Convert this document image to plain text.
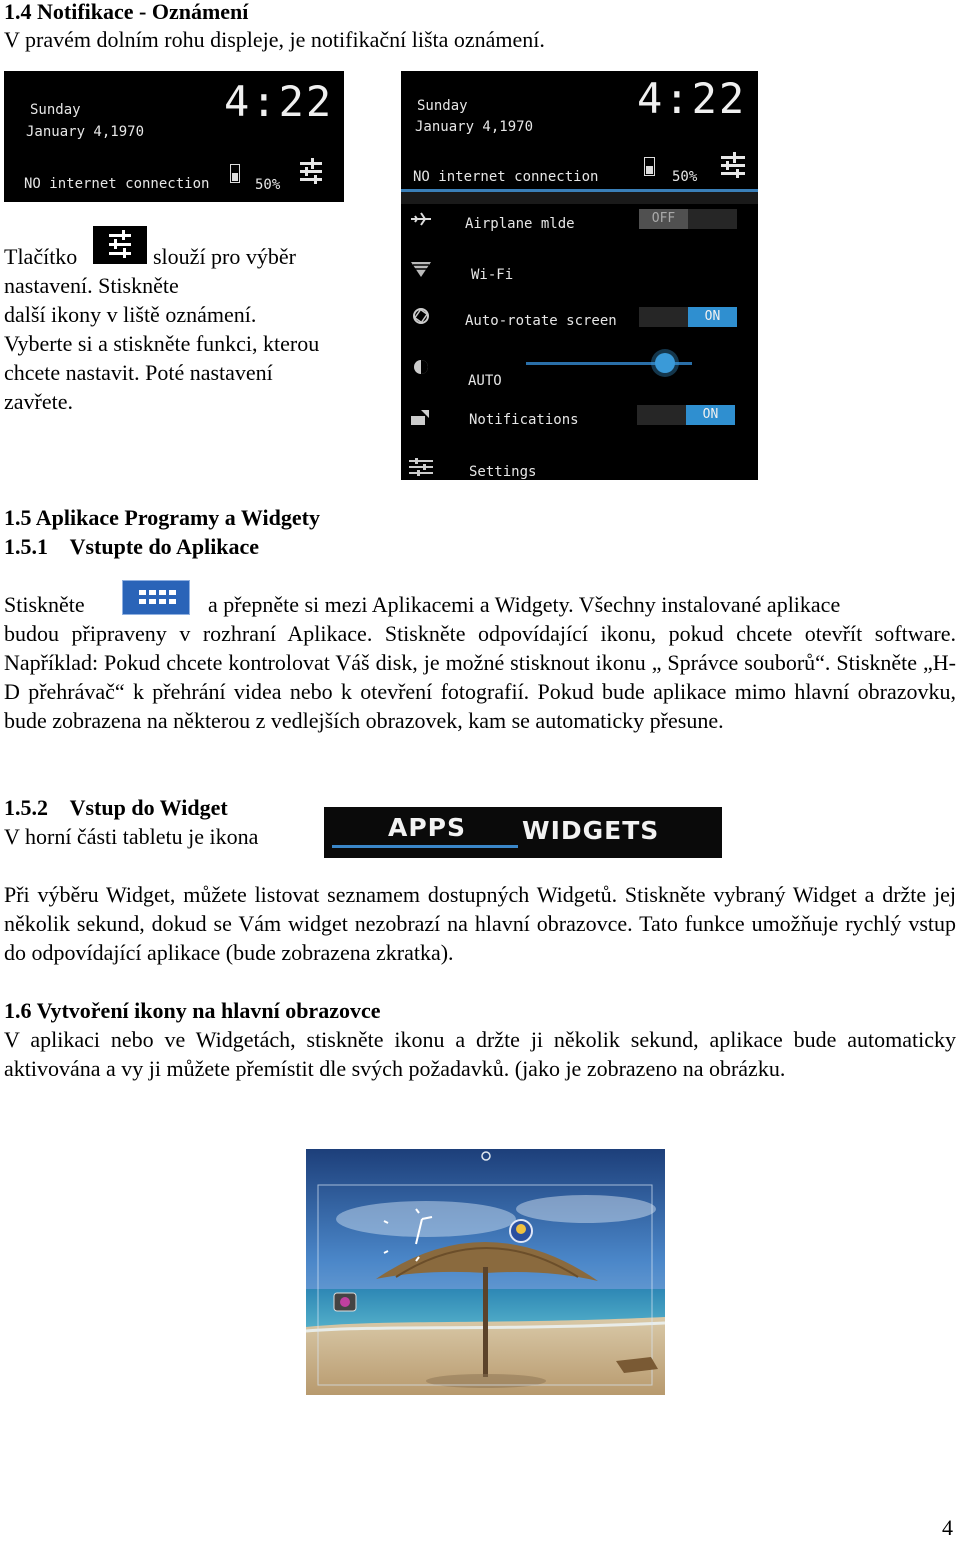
1.4 Notifikace - Oznámení
V pravém dolním rohu displeje, je notifikační lišta oznámení.
Sunday
January 4,1970
4:22
NO internet connection	50%
Sunday
January 4,1970
4:22
NO internet connection	50%
Airplane mlde	OFF
Wi-Fi
Auto-rotate screen	ON
AUTO
Notifications	ON
Settings
Tlačítko	slouží pro výběr
nastavení. Stiskněte
další ikony v liště oznámení.
Vyberte si a stiskněte funkci, kterou
chcete nastavit. Poté nastavení
zavřete.
1.5 Aplikace Programy a Widgety
1.5.1    Vstupte do Aplikace
Stiskněte	a přepněte si mezi Aplikacemi a Widgety. Všechny instalované aplikace
budou připraveny v rozhraní Aplikace. Stiskněte odpovídající ikonu, pokud chcete otevřít software. Například: Pokud chcete kontrolovat Váš disk, je možné stisknout ikonu „ Správce souborů“. Stiskněte „H-D přehrávač“ k přehrání videa nebo k otevření fotografií. Pokud bude aplikace mimo hlavní obrazovku, bude zobrazena na některou z vedlejších obrazovek, kam se automaticky přesune.
1.5.2    Vstup do Widget
V horní části tabletu je ikona	APPS WIDGETS
Při výběru Widget, můžete listovat seznamem dostupných Widgetů. Stiskněte vybraný Widget a držte jej několik sekund, dokud se Vám widget nezobrazí na hlavní obrazovce. Tato funkce umožňuje rychlý vstup do odpovídající aplikace (bude zobrazena zkratka).
1.6 Vytvoření ikony na hlavní obrazovce
V aplikaci nebo ve Widgetách, stiskněte ikonu a držte ji několik sekund, aplikace bude automaticky aktivována a vy ji můžete přemístit dle svých požadavků. (jako je zobrazeno na obrázku.
4
